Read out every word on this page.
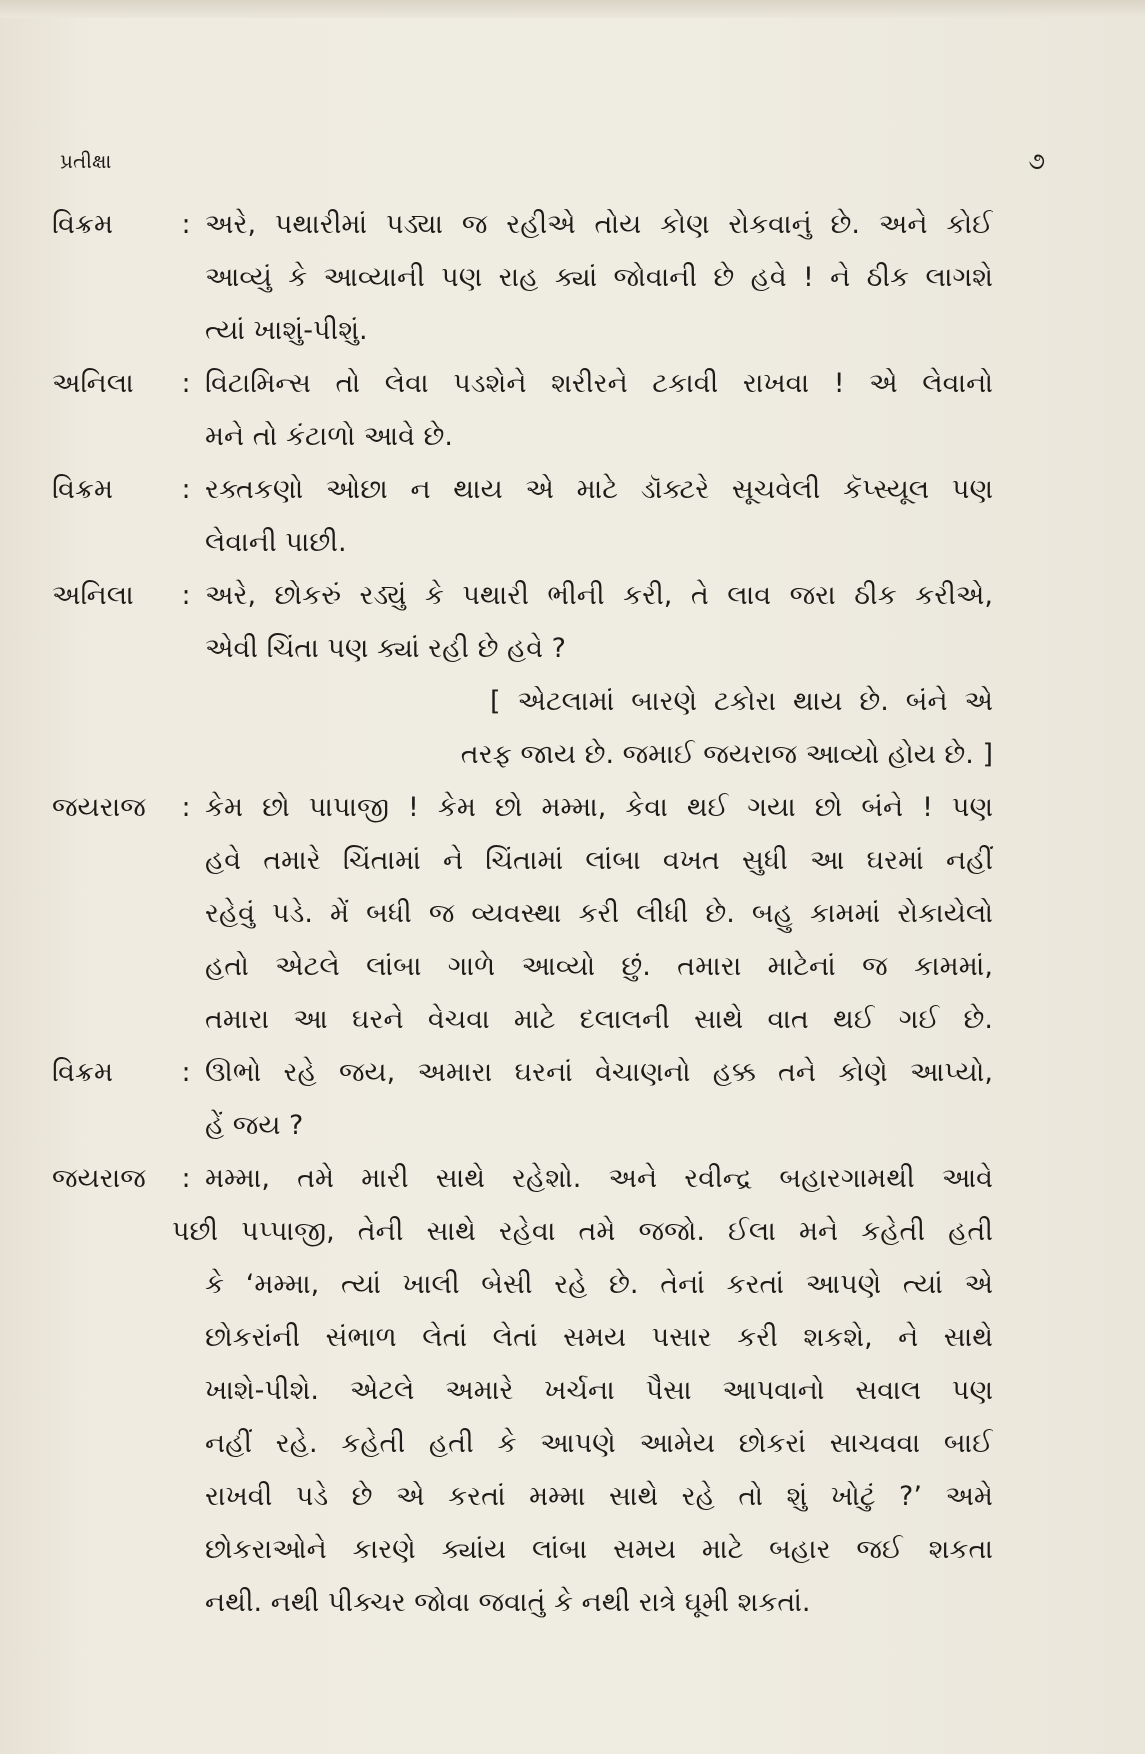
પ્રતીક્ષા	૭
વિક્રમ	: અરે, પથારીમાં પડ્યા જ રહીએ તોય કોણ રોકવાનું છે. અને કોઈ
આવ્યું કે આવ્યાની પણ રાહ ક્યાં જોવાની છે હવે ! ને ઠીક લાગશે
ત્યાં ખાશું-પીશું.
અનિલા	: વિટામિન્સ તો લેવા પડશેને શરીરને ટકાવી રાખવા ! એ લેવાનો
મને તો કંટાળો આવે છે.
વિક્રમ	: રક્તકણો ઓછા ન થાય એ માટે ડૉક્ટરે સૂચવેલી કૅપ્સ્યૂલ પણ
લેવાની પાછી.
અનિલા	: અરે, છોકરું રડ્યું કે પથારી ભીની કરી, તે લાવ જરા ઠીક કરીએ,
એવી ચિંતા પણ ક્યાં રહી છે હવે ?
[ એટલામાં બારણે ટકોરા થાય છે. બંને એ
તરફ જાય છે. જમાઈ જયરાજ આવ્યો હોય છે. ]
જયરાજ	: કેમ છો પાપાજી ! કેમ છો મમ્મા, કેવા થઈ ગયા છો બંને ! પણ
હવે તમારે ચિંતામાં ને ચિંતામાં લાંબા વખત સુધી આ ઘરમાં નહીં
રહેવું પડે. મેં બધી જ વ્યવસ્થા કરી લીધી છે. બહુ કામમાં રોકાયેલો
હતો એટલે લાંબા ગાળે આવ્યો છું. તમારા માટેનાં જ કામમાં,
તમારા આ ઘરને વેચવા માટે દલાલની સાથે વાત થઈ ગઈ છે.
વિક્રમ	: ઊભો રહે જય, અમારા ઘરનાં વેચાણનો હક્ક તને કોણે આપ્યો,
હેં જય ?
જયરાજ	: મમ્મા, તમે મારી સાથે રહેશો. અને રવીન્દ્ર બહારગામથી આવે
પછી પપ્પાજી, તેની સાથે રહેવા તમે જજો. ઈલા મને કહેતી હતી
કે ‘મમ્મા, ત્યાં ખાલી બેસી રહે છે. તેનાં કરતાં આપણે ત્યાં એ
છોકરાંની સંભાળ લેતાં લેતાં સમય પસાર કરી શકશે, ને સાથે
ખાશે-પીશે. એટલે અમારે ખર્ચના પૈસા આપવાનો સવાલ પણ
નહીં રહે. કહેતી હતી કે આપણે આમેય છોકરાં સાચવવા બાઈ
રાખવી પડે છે એ કરતાં મમ્મા સાથે રહે તો શું ખોટું ?’ અમે
છોકરાઓને કારણે ક્યાંય લાંબા સમય માટે બહાર જઈ શકતા
નથી. નથી પીક્ચર જોવા જવાતું કે નથી રાત્રે ઘૂમી શકતાં.
